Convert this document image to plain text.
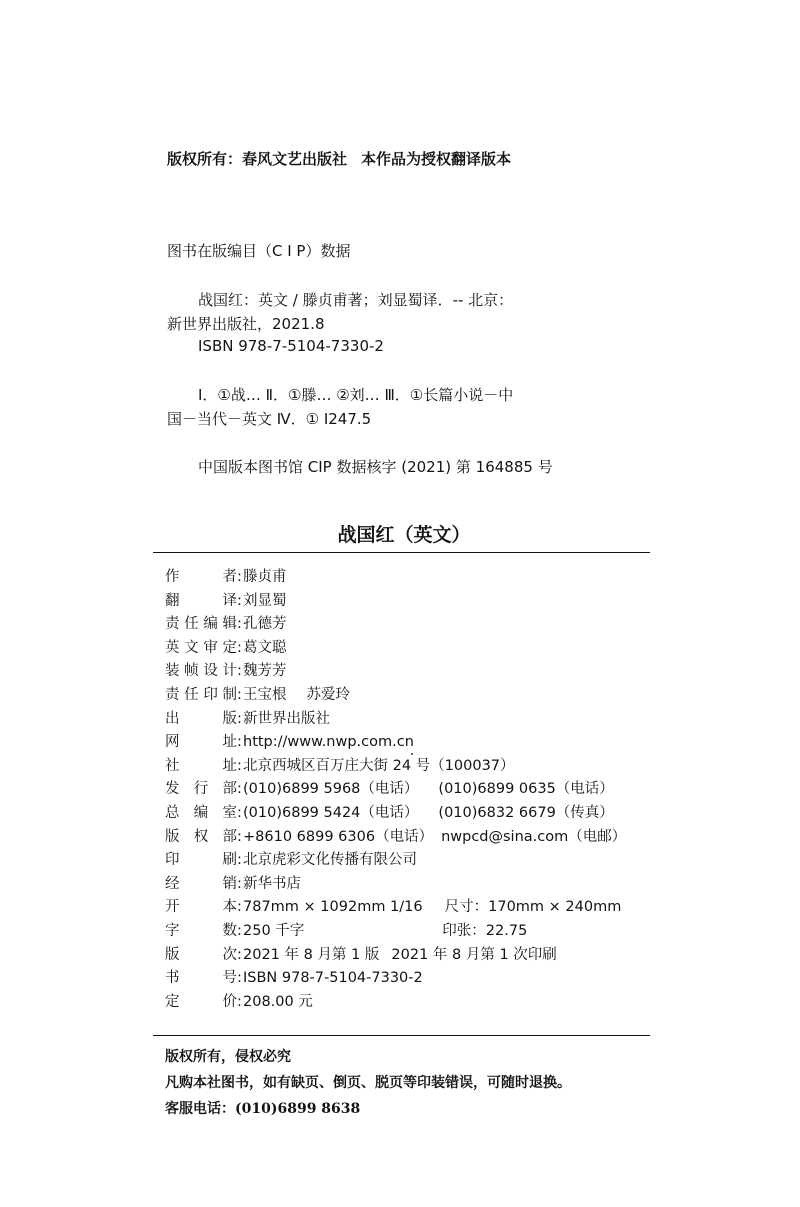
版权所有：春风文艺出版社 本作品为授权翻译版本
图书在版编目（C I P）数据
战国红：英文 / 滕贞甫著；刘显蜀译．-- 北京：
新世界出版社，2021.8
ISBN 978-7-5104-7330-2
Ⅰ．①战… Ⅱ．①滕… ②刘… Ⅲ．①长篇小说－中
国－当代－英文 Ⅳ．① I247.5
中国版本图书馆 CIP 数据核字 (2021) 第 164885 号
战国红（英文）
作者 : 滕贞甫
翻译 : 刘显蜀
责任编辑 : 孔德芳
英文审定 : 葛文聪
装帧设计 : 魏芳芳
责任印制 : 王宝根 苏爱玲
出版 : 新世界出版社
网址 : http://www.nwp.com.cn
社址 : 北京西城区百万庄大街 24 号（100037）
发行部 : (010)6899 5968（电话） (010)6899 0635（电话）
总编室 : (010)6899 5424（电话） (010)6832 6679（传真）
版权部 : +8610 6899 6306（电话） nwpcd@sina.com（电邮）
印刷 : 北京虎彩文化传播有限公司
经销 : 新华书店
开本 : 787mm × 1092mm 1/16 尺寸：170mm × 240mm
字数 : 250 千字	印张：22.75
版次 : 2021 年 8 月第 1 版 2021 年 8 月第 1 次印刷
书号 : ISBN 978-7-5104-7330-2
定价 : 208.00 元
版权所有，侵权必究
凡购本社图书，如有缺页、倒页、脱页等印装错误，可随时退换。
客服电话：(010)6899 8638
